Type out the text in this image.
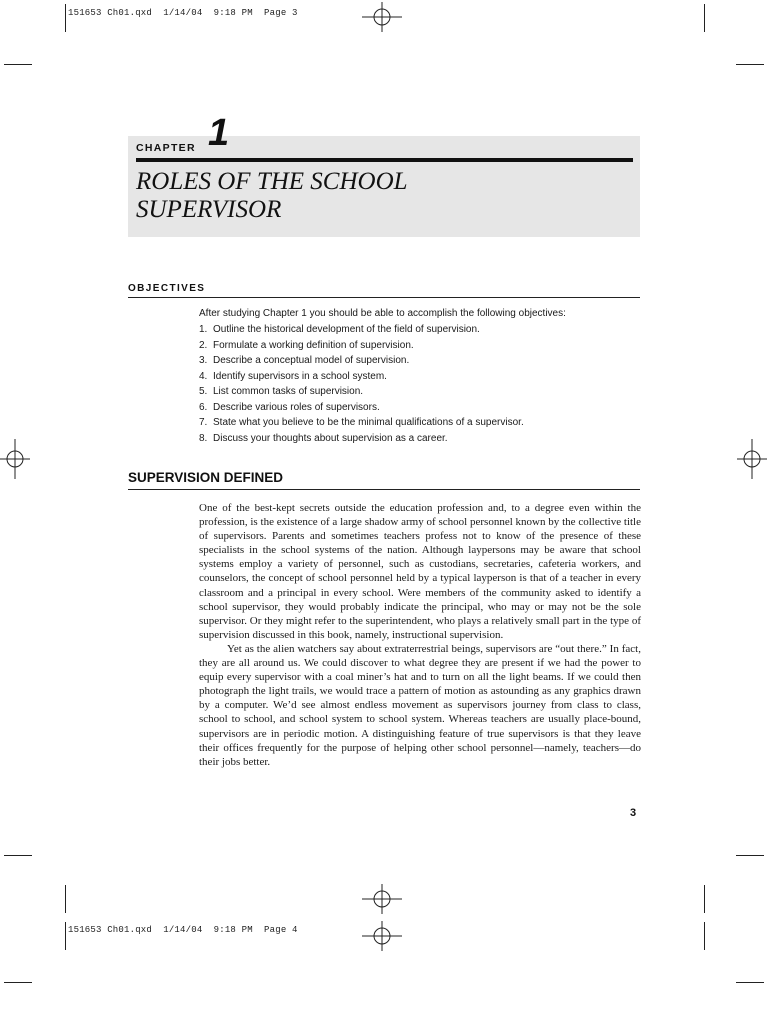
151653 Ch01.qxd  1/14/04  9:18 PM  Page 3
151653 Ch01.qxd  1/14/04  9:18 PM  Page 4
CHAPTER 1
ROLES OF THE SCHOOL
SUPERVISOR
OBJECTIVES
After studying Chapter 1 you should be able to accomplish the following objectives:
1. Outline the historical development of the field of supervision.
2. Formulate a working definition of supervision.
3. Describe a conceptual model of supervision.
4. Identify supervisors in a school system.
5. List common tasks of supervision.
6. Describe various roles of supervisors.
7. State what you believe to be the minimal qualifications of a supervisor.
8. Discuss your thoughts about supervision as a career.
SUPERVISION DEFINED

One of the best-kept secrets outside the education profession and, to a degree even within the profession, is the existence of a large shadow army of school personnel known by the collective title of supervisors. Parents and sometimes teachers profess not to know of the presence of these specialists in the school systems of the nation. Although laypersons may be aware that school systems employ a variety of personnel, such as custodians, secretaries, cafeteria workers, and counselors, the concept of school personnel held by a typical layperson is that of a teacher in every classroom and a principal in every school. Were members of the community asked to identify a school supervisor, they would probably indicate the principal, who may or may not be the sole supervisor. Or they might refer to the superintendent, who plays a relatively small part in the type of supervision discussed in this book, namely, instructional supervision.

Yet as the alien watchers say about extraterrestrial beings, supervisors are “out there.” In fact, they are all around us. We could discover to what degree they are present if we had the power to equip every supervisor with a coal miner’s hat and to turn on all the light beams. If we could then photograph the light trails, we would trace a pattern of motion as astounding as any graphics drawn by a computer. We’d see almost endless movement as supervisors journey from class to class, school to school, and school system to school system. Whereas teachers are usually place-bound, supervisors are in periodic motion. A distinguishing feature of true supervisors is that they leave their offices frequently for the purpose of helping other school personnel—namely, teachers—do their jobs better.

3
